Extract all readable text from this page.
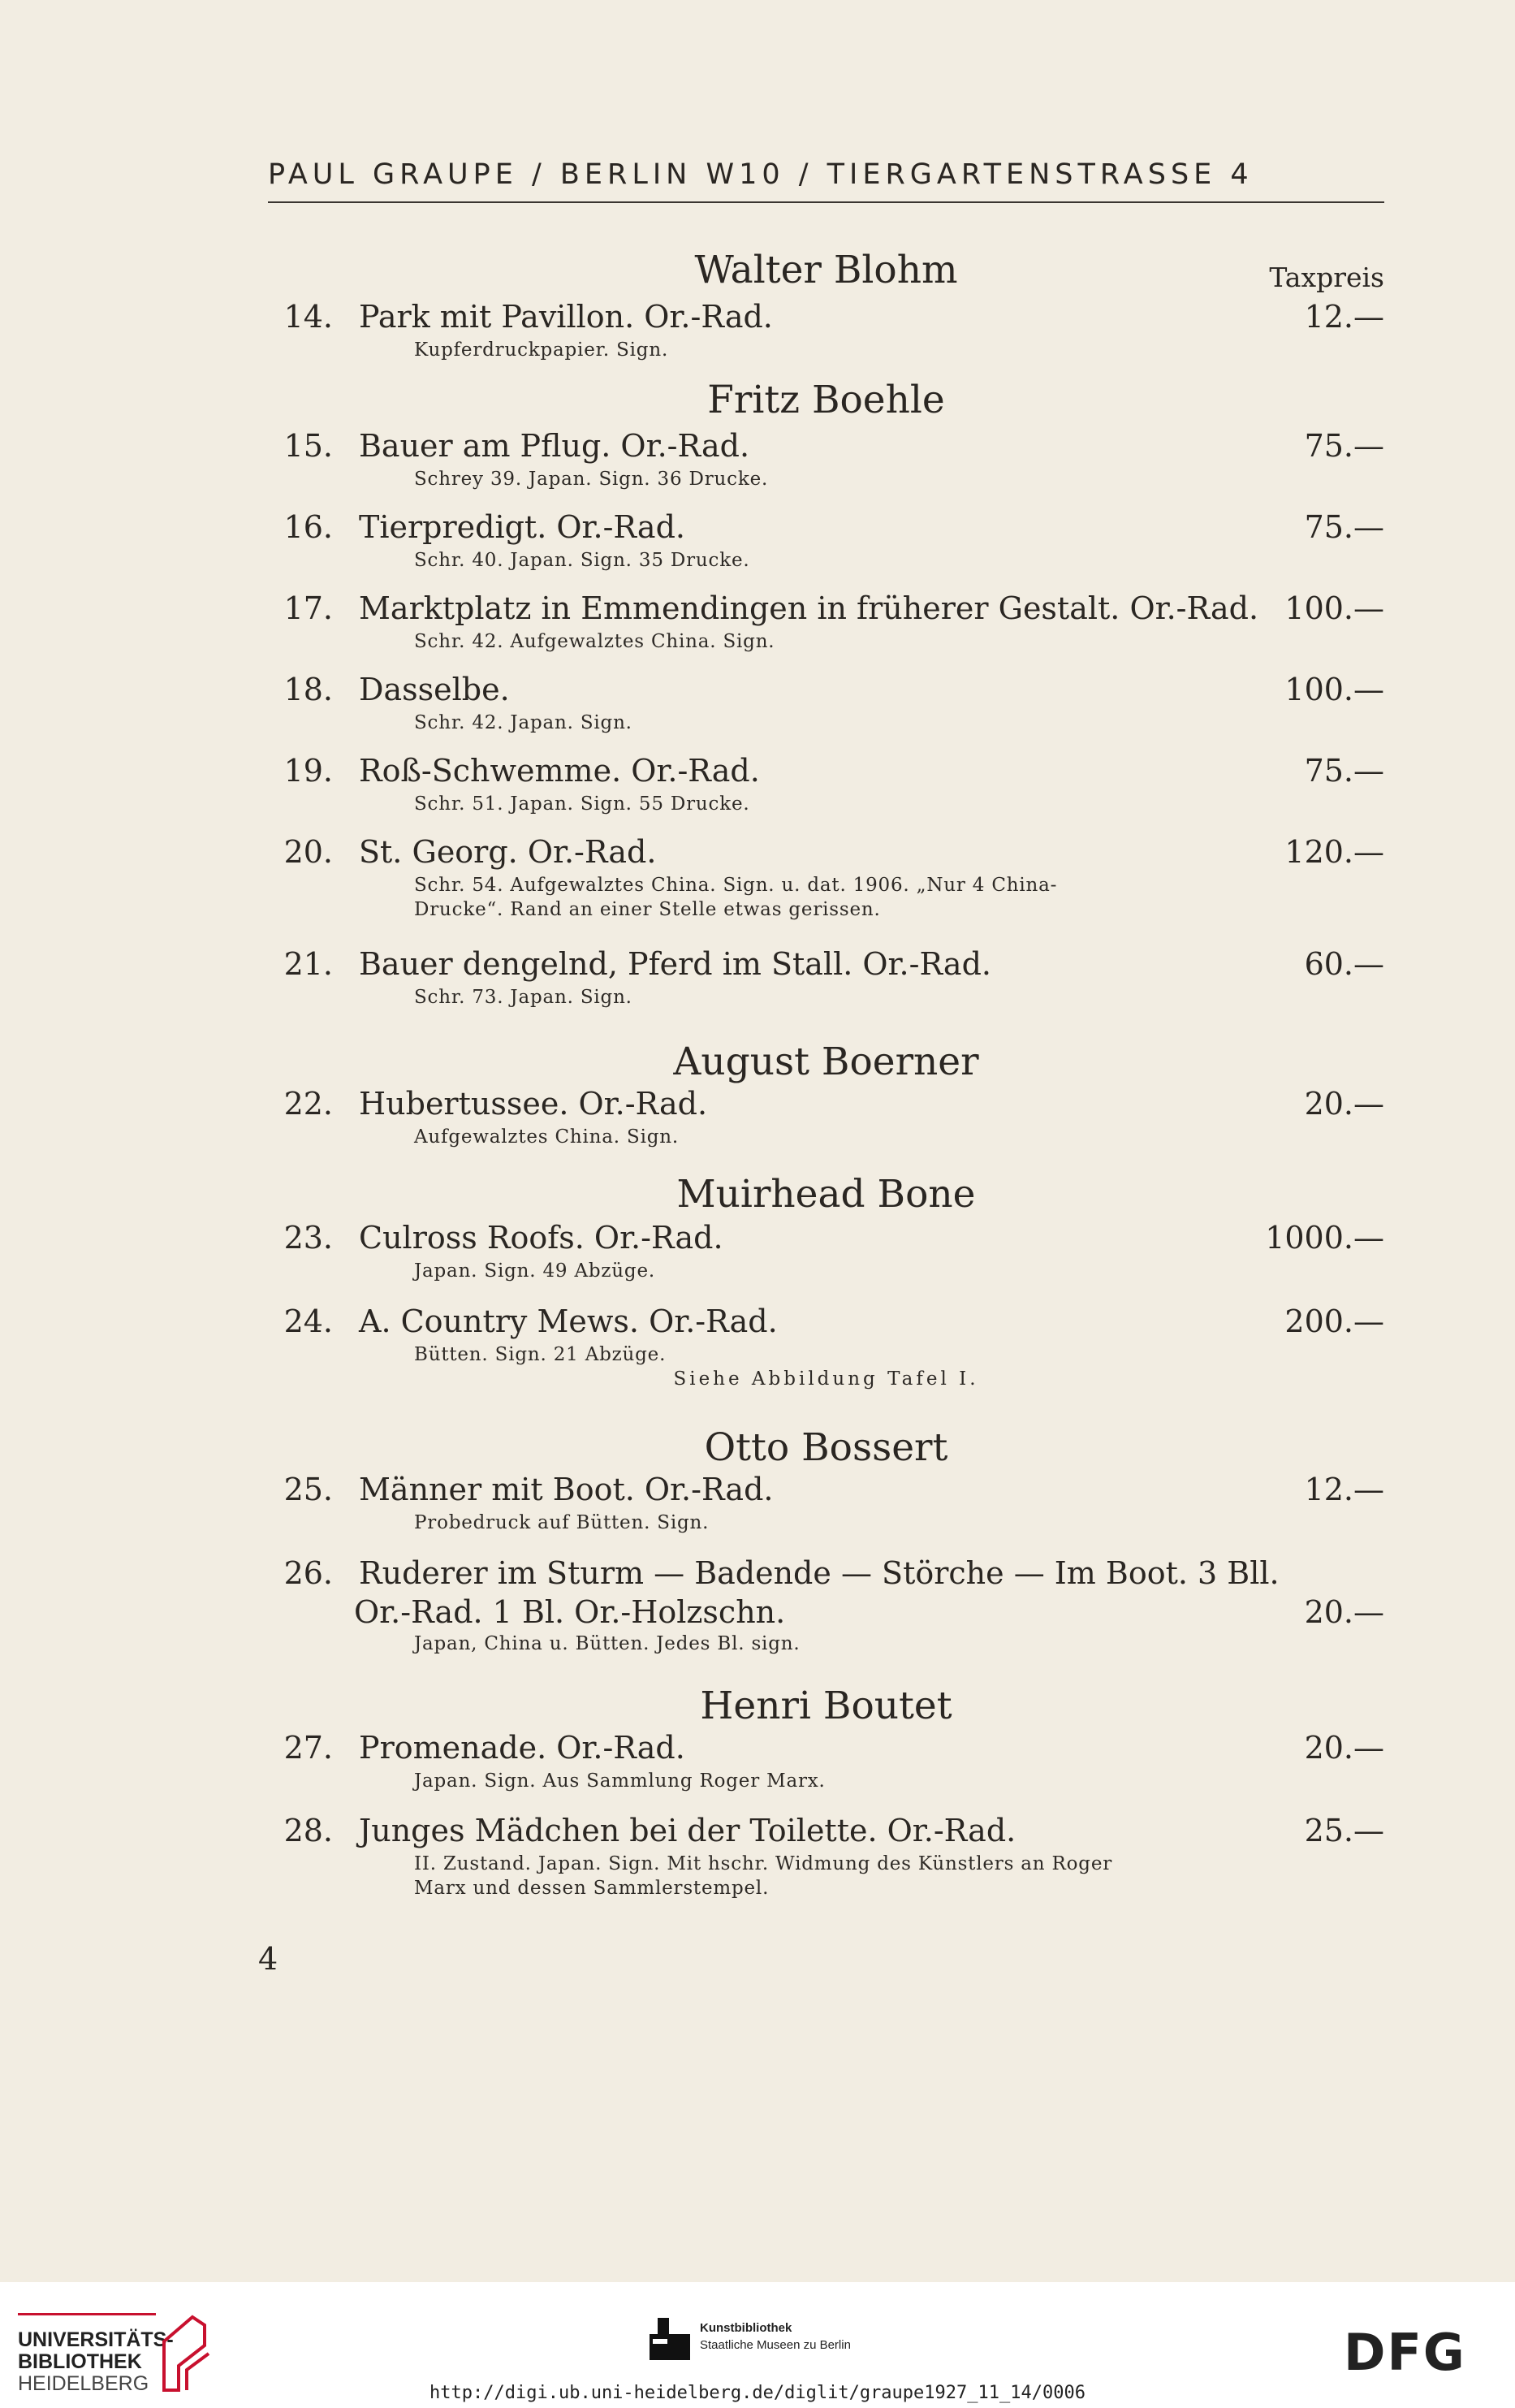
PAUL GRAUPE / BERLIN W10 / TIERGARTENSTRASSE 4
Taxpreis
Walter Blohm
14. Park mit Pavillon. Or.-Rad.	12.—
Kupferdruckpapier. Sign.
Fritz Boehle
15. Bauer am Pflug. Or.-Rad.	75.—
Schrey 39. Japan. Sign. 36 Drucke.
16. Tierpredigt. Or.-Rad.	75.—
Schr. 40. Japan. Sign. 35 Drucke.
17. Marktplatz in Emmendingen in früherer Gestalt. Or.-Rad. 100.—
Schr. 42. Aufgewalztes China. Sign.
18. Dasselbe.	100.—
Schr. 42. Japan. Sign.
19. Roß-Schwemme. Or.-Rad.	75.—
Schr. 51. Japan. Sign. 55 Drucke.
20. St. Georg. Or.-Rad.	120.—
Schr. 54. Aufgewalztes China. Sign. u. dat. 1906. „Nur 4 China-
Drucke“. Rand an einer Stelle etwas gerissen.
21. Bauer dengelnd, Pferd im Stall. Or.-Rad.	60.—
Schr. 73. Japan. Sign.
August Boerner
22. Hubertussee. Or.-Rad.	20.—
Aufgewalztes China. Sign.
Muirhead Bone
23. Culross Roofs. Or.-Rad.	1000.—
Japan. Sign. 49 Abzüge.
24. A. Country Mews. Or.-Rad.	200.—
Bütten. Sign. 21 Abzüge.
Siehe Abbildung Tafel I.
Otto Bossert
25. Männer mit Boot. Or.-Rad.	12.—
Probedruck auf Bütten. Sign.
26. Ruderer im Sturm — Badende — Störche — Im Boot. 3 Bll.
Or.-Rad. 1 Bl. Or.-Holzschn.	20.—
Japan, China u. Bütten. Jedes Bl. sign.
Henri Boutet
27. Promenade. Or.-Rad.	20.—
Japan. Sign. Aus Sammlung Roger Marx.
28. Junges Mädchen bei der Toilette. Or.-Rad.	25.—
II. Zustand. Japan. Sign. Mit hschr. Widmung des Künstlers an Roger
Marx und dessen Sammlerstempel.
4
UNIVERSITÄTS-
BIBLIOTHEK
HEIDELBERG
Kunstbibliothek
Staatliche Museen zu Berlin	DFG
http://digi.ub.uni-heidelberg.de/diglit/graupe1927_11_14/0006
